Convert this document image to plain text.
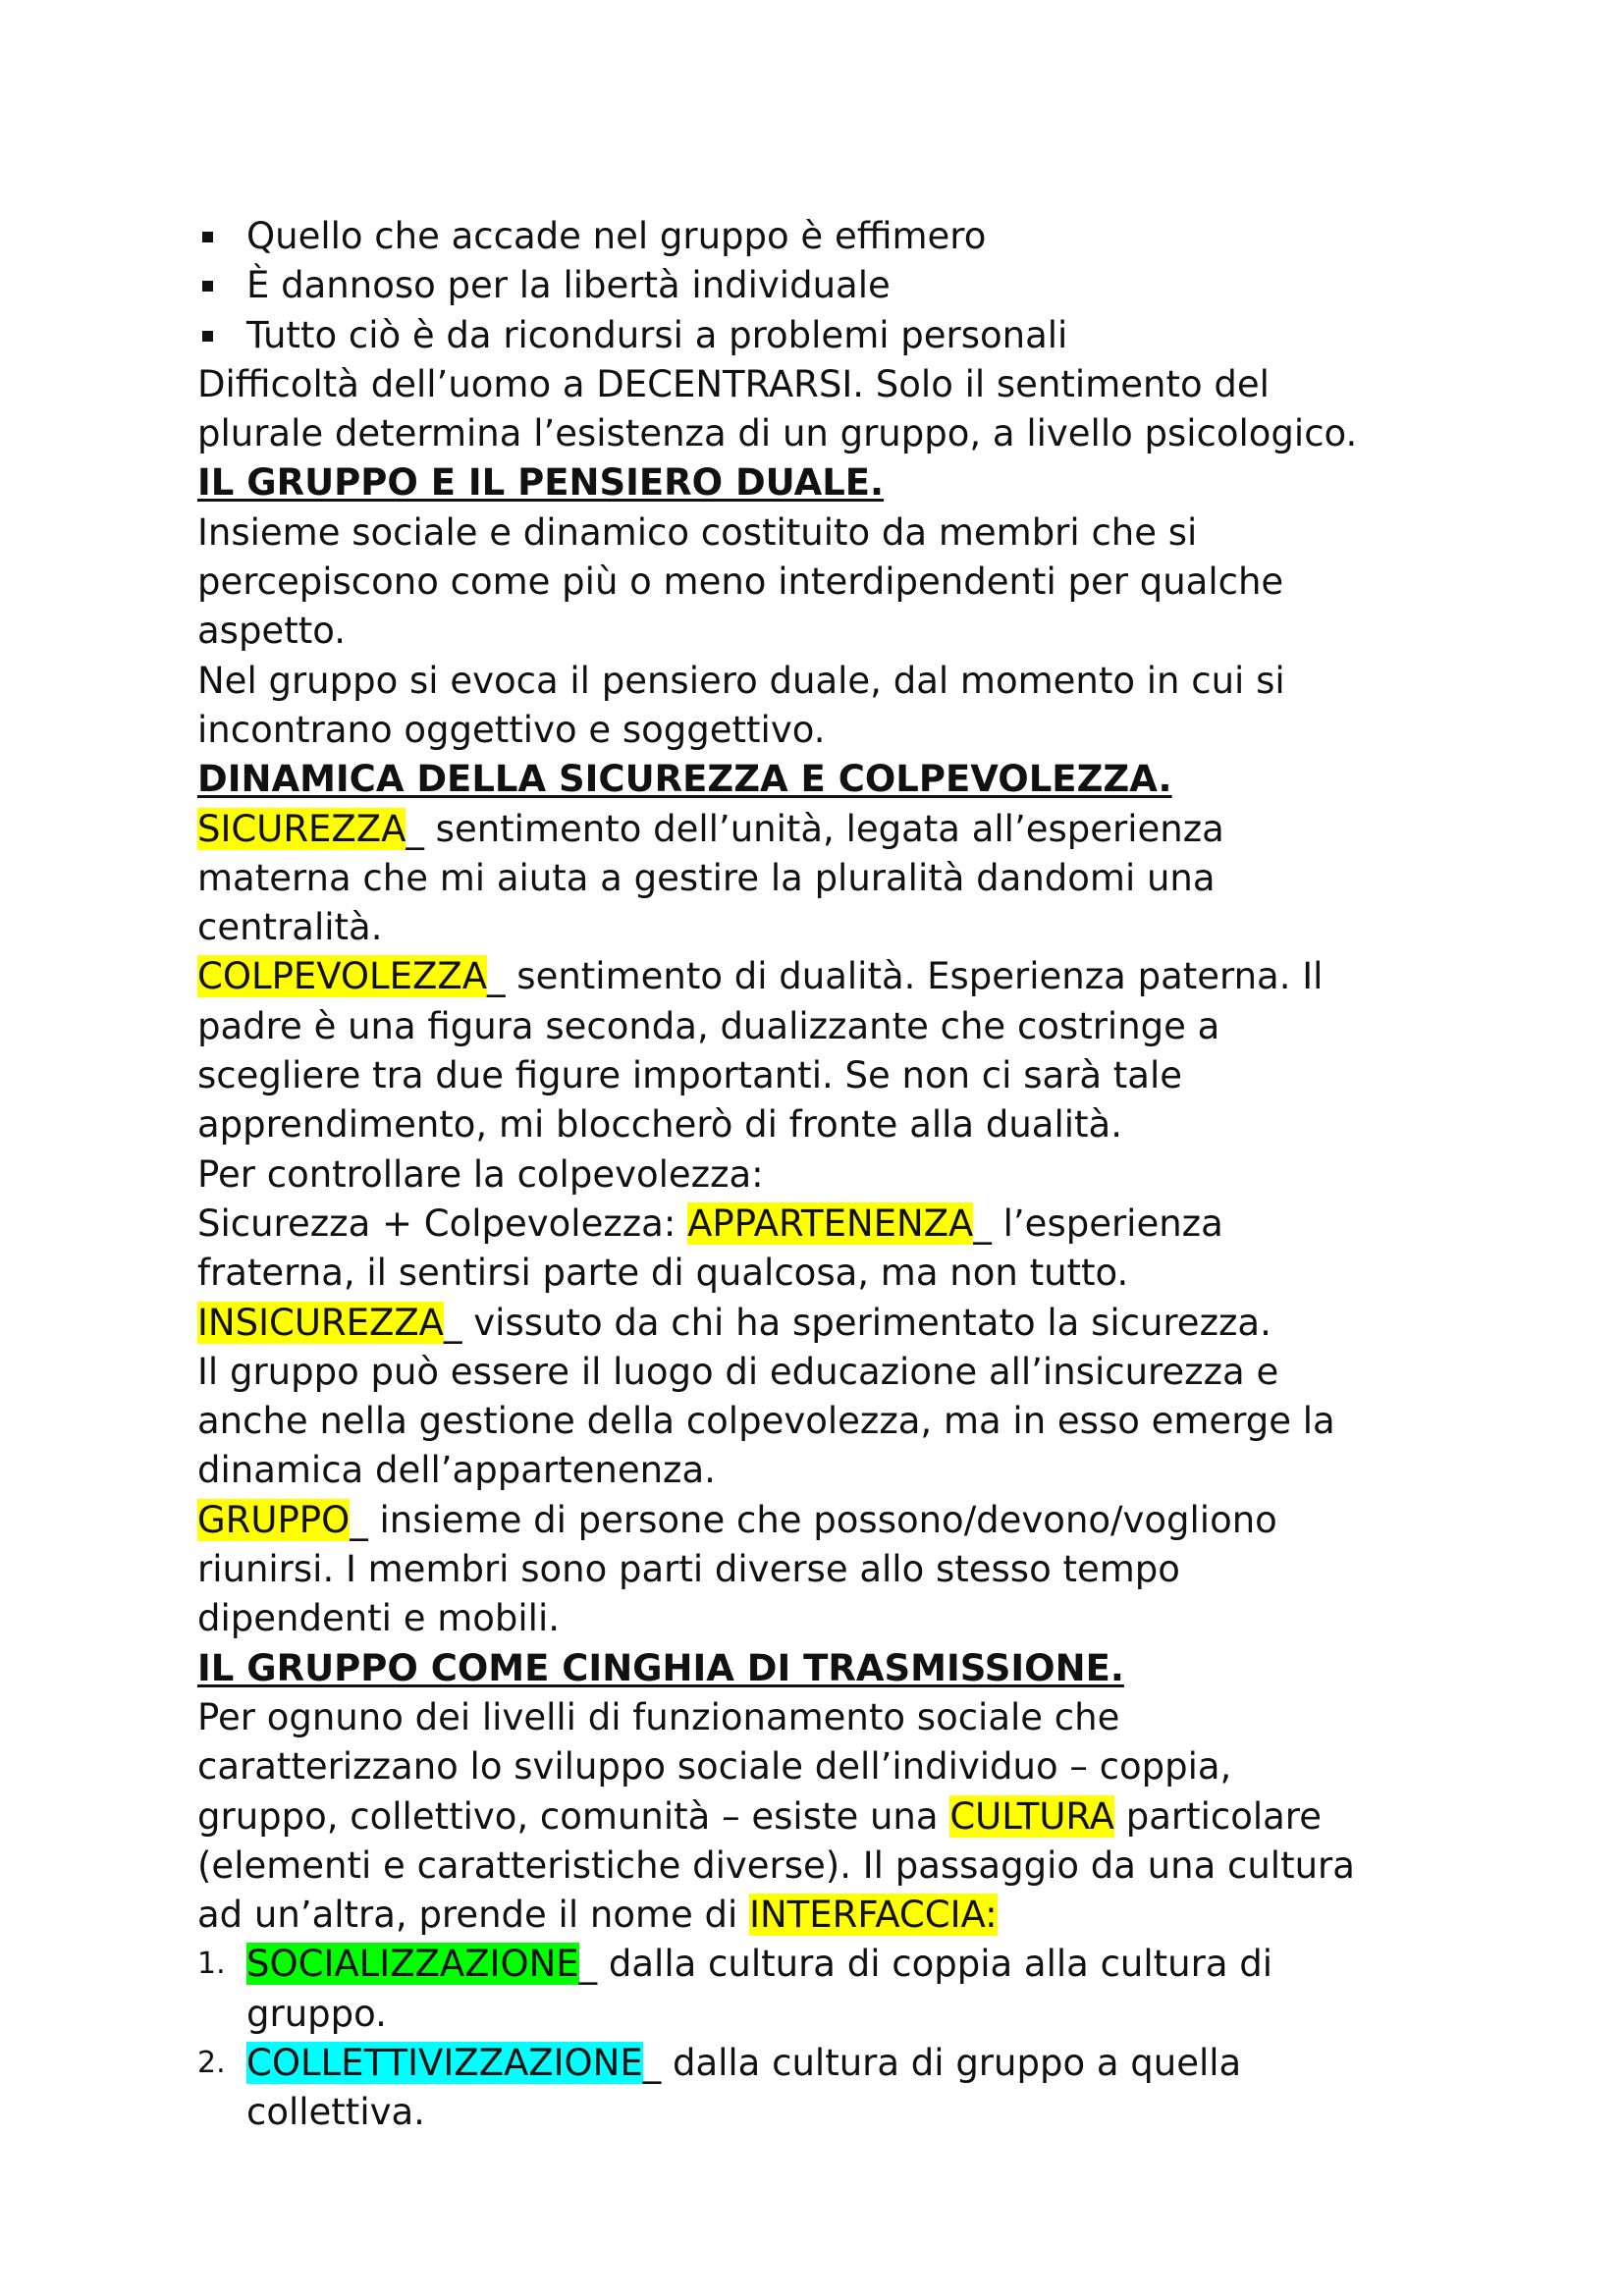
Quello che accade nel gruppo è effimero
È dannoso per la libertà individuale
Tutto ciò è da ricondursi a problemi personali
Difficoltà dell’uomo a DECENTRARSI. Solo il sentimento del
plurale determina l’esistenza di un gruppo, a livello psicologico.
IL GRUPPO E IL PENSIERO DUALE.
Insieme sociale e dinamico costituito da membri che si
percepiscono come più o meno interdipendenti per qualche
aspetto.
Nel gruppo si evoca il pensiero duale, dal momento in cui si
incontrano oggettivo e soggettivo.
DINAMICA DELLA SICUREZZA E COLPEVOLEZZA.
SICUREZZA_ sentimento dell’unità, legata all’esperienza
materna che mi aiuta a gestire la pluralità dandomi una
centralità.
COLPEVOLEZZA_ sentimento di dualità. Esperienza paterna. Il
padre è una figura seconda, dualizzante che costringe a
scegliere tra due figure importanti. Se non ci sarà tale
apprendimento, mi bloccherò di fronte alla dualità.
Per controllare la colpevolezza:
Sicurezza + Colpevolezza: APPARTENENZA_ l’esperienza
fraterna, il sentirsi parte di qualcosa, ma non tutto.
INSICUREZZA_ vissuto da chi ha sperimentato la sicurezza.
Il gruppo può essere il luogo di educazione all’insicurezza e
anche nella gestione della colpevolezza, ma in esso emerge la
dinamica dell’appartenenza.
GRUPPO_ insieme di persone che possono/devono/vogliono
riunirsi. I membri sono parti diverse allo stesso tempo
dipendenti e mobili.
IL GRUPPO COME CINGHIA DI TRASMISSIONE.
Per ognuno dei livelli di funzionamento sociale che
caratterizzano lo sviluppo sociale dell’individuo – coppia,
gruppo, collettivo, comunità – esiste una CULTURA particolare
(elementi e caratteristiche diverse). Il passaggio da una cultura
ad un’altra, prende il nome di INTERFACCIA:
1. SOCIALIZZAZIONE_ dalla cultura di coppia alla cultura di
gruppo.
2. COLLETTIVIZZAZIONE_ dalla cultura di gruppo a quella
collettiva.
